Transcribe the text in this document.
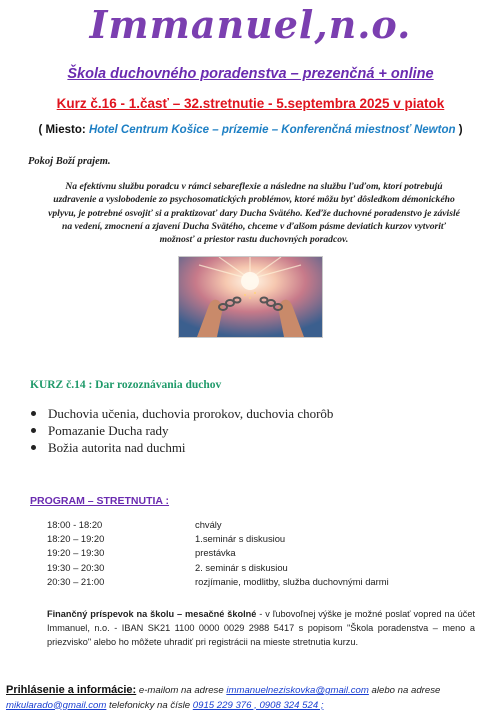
Immanuel,n.o.
Škola duchovného poradenstva – prezenčná + online
Kurz č.16 - 1.časť – 32.stretnutie - 5.septembra 2025 v piatok
( Miesto: Hotel Centrum Košice – prízemie – Konferenčná miestnosť Newton )
Pokoj Boží prajem.
Na efektívnu službu poradcu v rámci sebareflexie a následne na službu ľuďom, ktorí potrebujú uzdravenie a vyslobodenie zo psychosomatických problémov, ktoré môžu byť dôsledkom démonického vplyvu, je potrebné osvojiť si a praktizovať dary Ducha Svätého. Keďže duchovné poradenstvo je závislé na vedení, zmocnení a zjavení Ducha Svätého, chceme v ďalšom pásme deviatich kurzov vytvoriť možnosť a priestor rastu duchovných poradcov.
KURZ č.14 : Dar rozoznávania duchov
Duchovia učenia, duchovia prorokov, duchovia chorôb
Pomazanie Ducha rady
Božia autorita nad duchmi
PROGRAM – STRETNUTIA :
18:00 - 18:20	chvály
18:20 – 19:20	1.seminár s diskusiou
19:20 – 19:30	prestávka
19:30 – 20:30	2. seminár s diskusiou
20:30 – 21:00	rozjímanie, modlitby, služba duchovnými darmi
Finančný príspevok na školu – mesačné školné - v ľubovoľnej výške je možné poslať vopred na účet Immanuel, n.o. - IBAN SK21 1100 0000 0029 2988 5417 s popisom "Škola poradenstva – meno a priezvisko" alebo ho môžete uhradiť pri registrácii na mieste stretnutia kurzu.
Prihlásenie a informácie: e-mailom na adrese immanuelneziskovka@gmail.com alebo na adrese mikularado@gmail.com telefonicky na čísle 0915 229 376 , 0908 324 524 ;
